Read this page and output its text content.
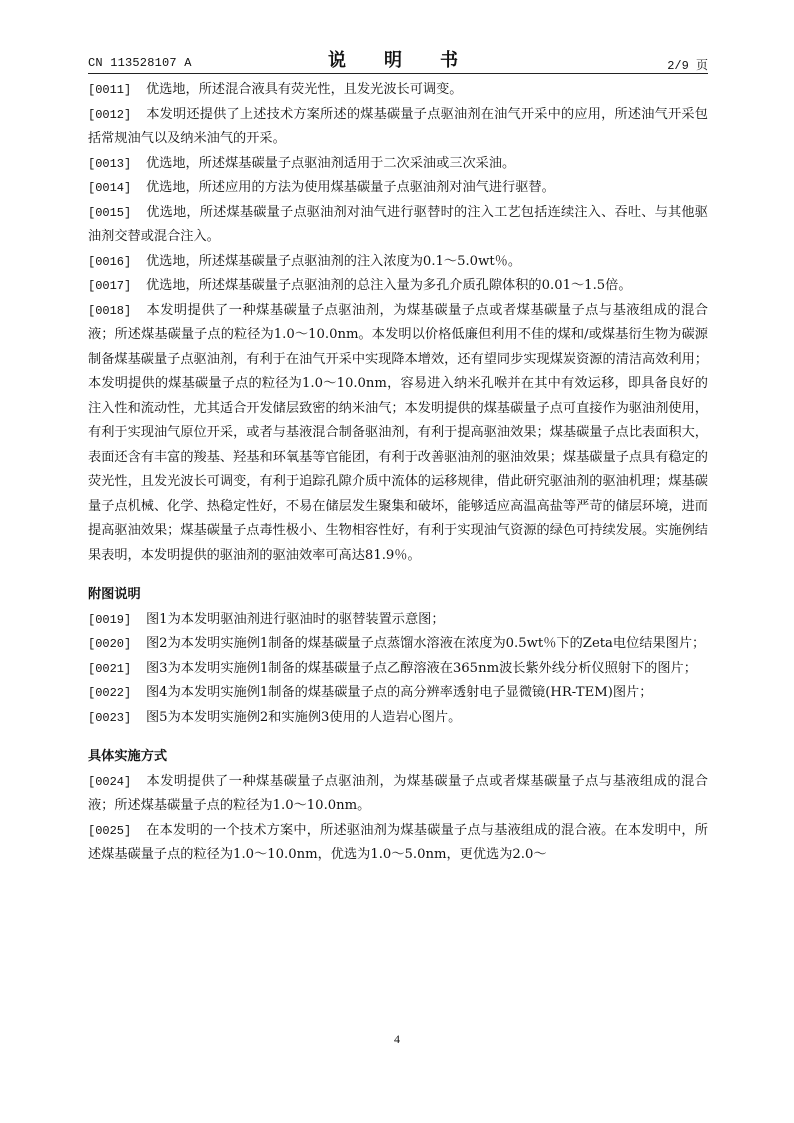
CN 113528107 A	说　明　书	2/9 页

[0011] 优选地，所述混合液具有荧光性，且发光波长可调变。

[0012] 本发明还提供了上述技术方案所述的煤基碳量子点驱油剂在油气开采中的应用，所述油气开采包括常规油气以及纳米油气的开采。

[0013] 优选地，所述煤基碳量子点驱油剂适用于二次采油或三次采油。

[0014] 优选地，所述应用的方法为使用煤基碳量子点驱油剂对油气进行驱替。

[0015] 优选地，所述煤基碳量子点驱油剂对油气进行驱替时的注入工艺包括连续注入、吞吐、与其他驱油剂交替或混合注入。

[0016] 优选地，所述煤基碳量子点驱油剂的注入浓度为0.1～5.0wt％。

[0017] 优选地，所述煤基碳量子点驱油剂的总注入量为多孔介质孔隙体积的0.01～1.5倍。

[0018] 本发明提供了一种煤基碳量子点驱油剂，为煤基碳量子点或者煤基碳量子点与基液组成的混合液；所述煤基碳量子点的粒径为1.0～10.0nm。本发明以价格低廉但利用不佳的煤和/或煤基衍生物为碳源制备煤基碳量子点驱油剂，有利于在油气开采中实现降本增效，还有望同步实现煤炭资源的清洁高效利用；本发明提供的煤基碳量子点的粒径为1.0～10.0nm，容易进入纳米孔喉并在其中有效运移，即具备良好的注入性和流动性，尤其适合开发储层致密的纳米油气；本发明提供的煤基碳量子点可直接作为驱油剂使用，有利于实现油气原位开采，或者与基液混合制备驱油剂，有利于提高驱油效果；煤基碳量子点比表面积大，表面还含有丰富的羧基、羟基和环氧基等官能团，有利于改善驱油剂的驱油效果；煤基碳量子点具有稳定的荧光性，且发光波长可调变，有利于追踪孔隙介质中流体的运移规律，借此研究驱油剂的驱油机理；煤基碳量子点机械、化学、热稳定性好，不易在储层发生聚集和破坏，能够适应高温高盐等严苛的储层环境，进而提高驱油效果；煤基碳量子点毒性极小、生物相容性好，有利于实现油气资源的绿色可持续发展。实施例结果表明，本发明提供的驱油剂的驱油效率可高达81.9％。

附图说明

[0019] 图1为本发明驱油剂进行驱油时的驱替装置示意图；

[0020] 图2为本发明实施例1制备的煤基碳量子点蒸馏水溶液在浓度为0.5wt％下的Zeta电位结果图片；

[0021] 图3为本发明实施例1制备的煤基碳量子点乙醇溶液在365nm波长紫外线分析仪照射下的图片；

[0022] 图4为本发明实施例1制备的煤基碳量子点的高分辨率透射电子显微镜(HR-TEM)图片；

[0023] 图5为本发明实施例2和实施例3使用的人造岩心图片。

具体实施方式

[0024] 本发明提供了一种煤基碳量子点驱油剂，为煤基碳量子点或者煤基碳量子点与基液组成的混合液；所述煤基碳量子点的粒径为1.0～10.0nm。

[0025] 在本发明的一个技术方案中，所述驱油剂为煤基碳量子点与基液组成的混合液。在本发明中，所述煤基碳量子点的粒径为1.0～10.0nm，优选为1.0～5.0nm，更优选为2.0～

4
